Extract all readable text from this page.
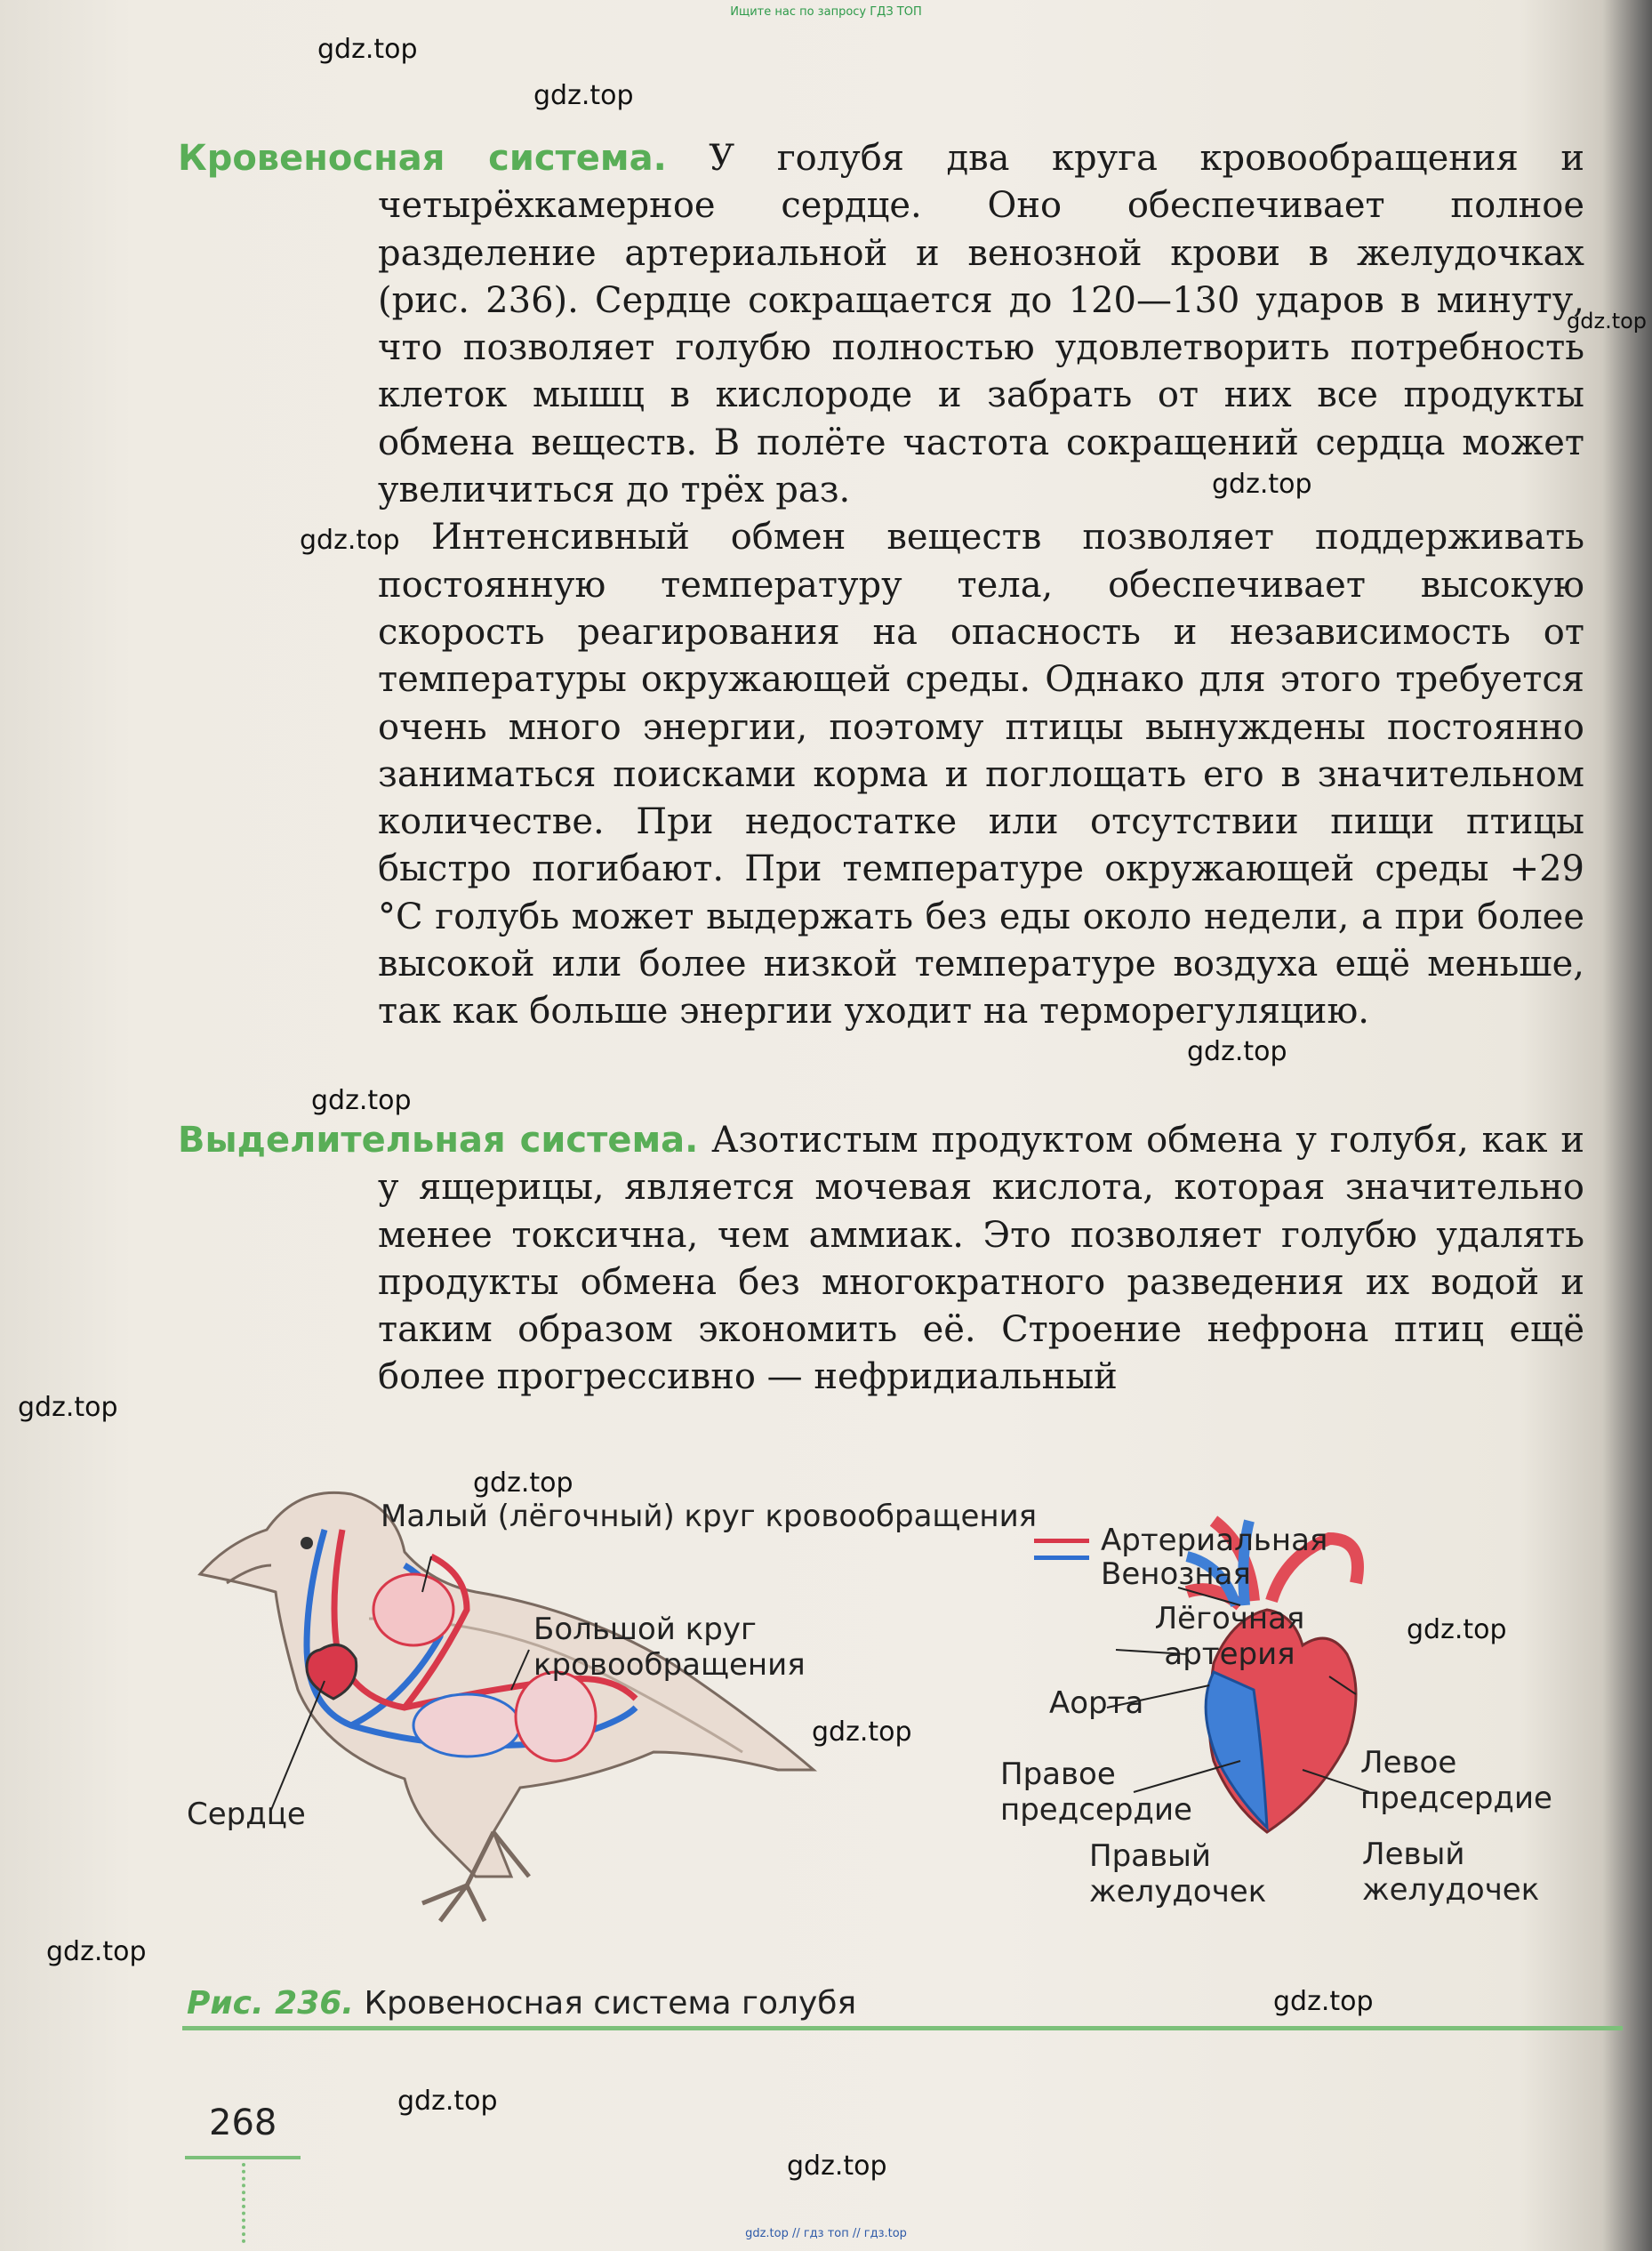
Ищите нас по запросу ГДЗ ТОП
gdz.top
gdz.top
gdz.top
gdz.top
gdz.top
gdz.top
gdz.top
gdz.top
gdz.top
gdz.top
gdz.top
gdz.top
gdz.top
gdz.top
gdz.top

Кровеносная система. У голубя два круга кровообращения и четырёхкамерное сердце. Оно обеспечивает полное разделение артериальной и венозной крови в желудочках (рис. 236). Сердце сокращается до 120—130 ударов в минуту, что позволяет голубю полностью удовлетворить потребность клеток мышц в кислороде и забрать от них все продукты обмена веществ. В полёте частота сокращений сердца может увеличиться до трёх раз.

Интенсивный обмен веществ позволяет поддерживать постоянную температуру тела, обеспечивает высокую скорость реагирования на опасность и независимость от температуры окружающей среды. Однако для этого требуется очень много энергии, поэтому птицы вынуждены постоянно заниматься поисками корма и поглощать его в значительном количестве. При недостатке или отсутствии пищи птицы быстро погибают. При температуре окружающей среды +29 °С голубь может выдержать без еды около недели, а при более высокой или более низкой температуре воздуха ещё меньше, так как больше энергии уходит на терморегуляцию.

Выделительная система. Азотистым продуктом обмена у голубя, как и у ящерицы, является мочевая кислота, которая значительно менее токсична, чем аммиак. Это позволяет голубю удалять продукты обмена без многократного разведения их водой и таким образом экономить её. Строение нефрона птиц ещё более прогрессивно — нефридиальный

Малый (лёгочный) круг кровообращения
Большой круг кровообращения
Сердце
Артериальная
Венозная
Лёгочная артерия
Аорта
Правое предсердие
Левое предсердие
Правый желудочек
Левый желудочек
Рис. 236. Кровеносная система голубя
268
gdz.top // гдз топ // гдз.top
